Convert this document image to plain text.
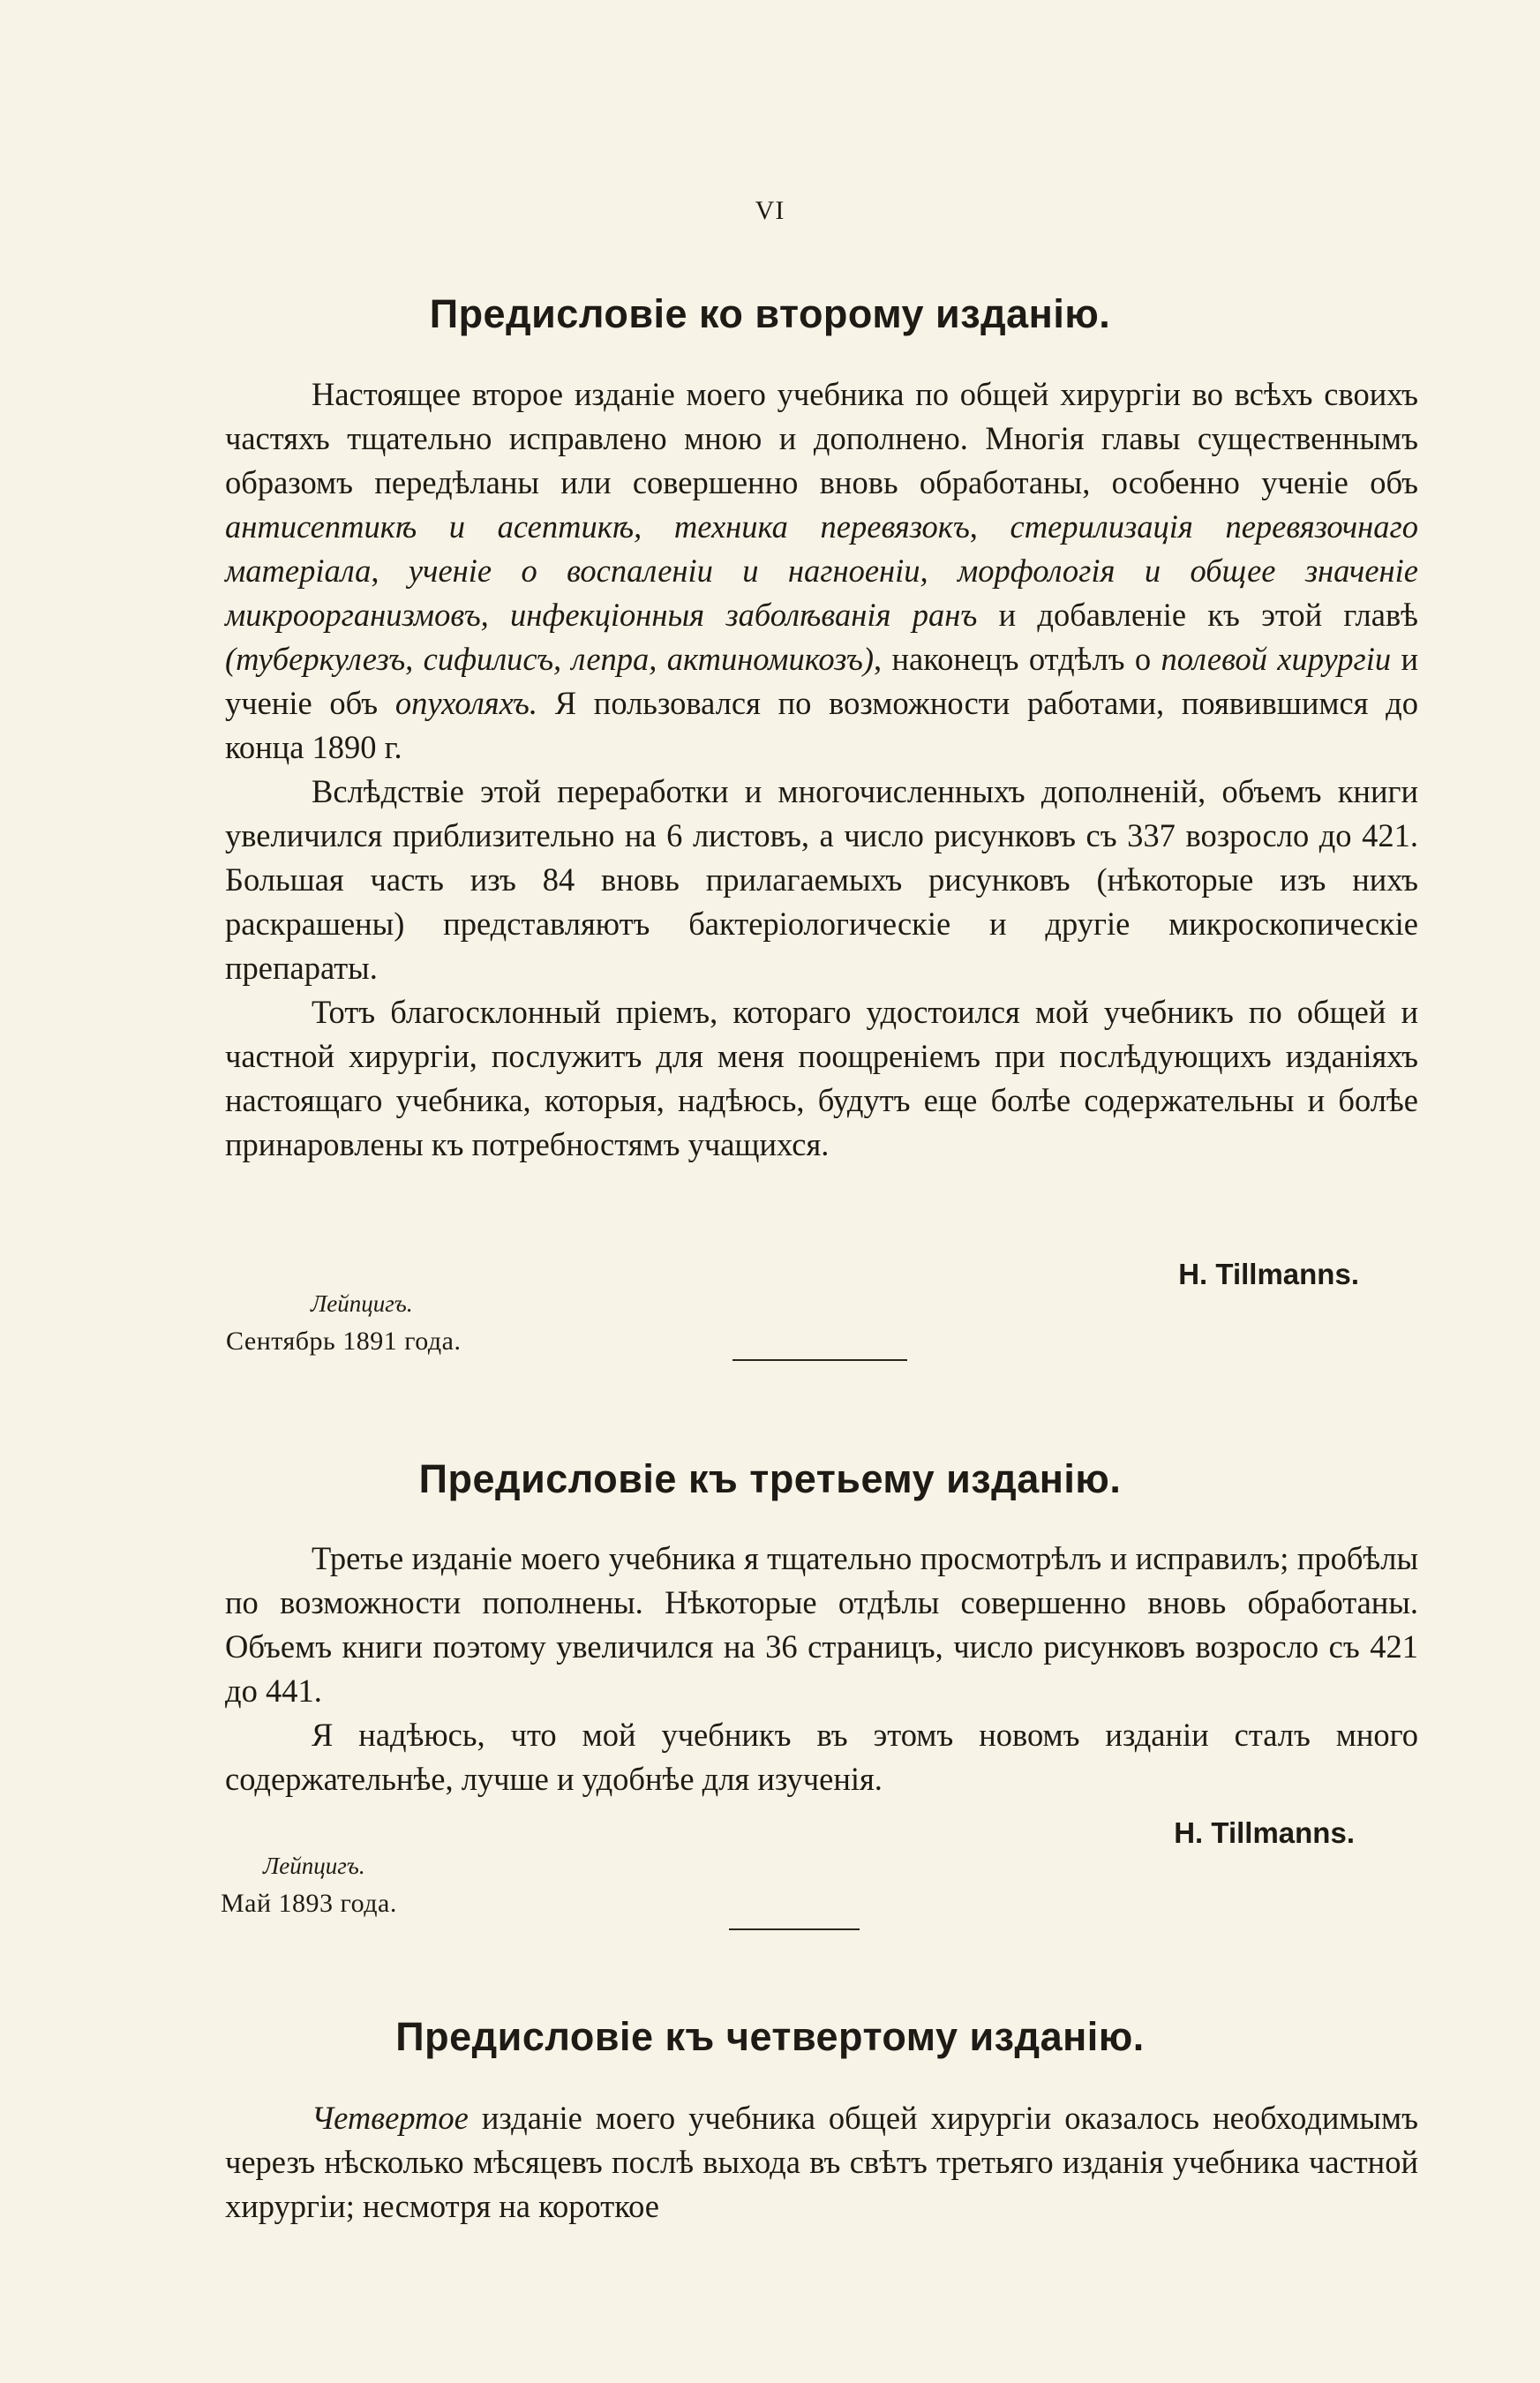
VI
Предисловіе ко второму изданію.

Настоящее второе изданіе моего учебника по общей хирургіи во всѣхъ своихъ частяхъ тщательно исправлено мною и дополнено. Многія главы существеннымъ образомъ передѣланы или совершенно вновь обработаны, особенно ученіе объ антисептикѣ и асептикѣ, техника перевязокъ, стерилизація перевязочнаго матеріала, ученіе о воспаленіи и нагноеніи, морфологія и общее значеніе микроорганизмовъ, инфекціонныя заболѣванія ранъ и добавленіе къ этой главѣ (туберкулезъ, сифилисъ, лепра, актиномикозъ), наконецъ отдѣлъ о полевой хирургіи и ученіе объ опухоляхъ. Я пользовался по возможности работами, появившимся до конца 1890 г.

Вслѣдствіе этой переработки и многочисленныхъ дополненій, объемъ книги увеличился приблизительно на 6 листовъ, а число рисунковъ съ 337 возросло до 421. Большая часть изъ 84 вновь прилагаемыхъ рисунковъ (нѣкоторые изъ нихъ раскрашены) представляютъ бактеріологическіе и другіе микроскопическіе препараты.

Тотъ благосклонный пріемъ, котораго удостоился мой учебникъ по общей и частной хирургіи, послужитъ для меня поощреніемъ при послѣдующихъ изданіяхъ настоящаго учебника, которыя, надѣюсь, будутъ еще болѣе содержательны и болѣе принаровлены къ потребностямъ учащихся.

H. Tillmanns.
Лейпцигъ.
Сентябрь 1891 года.
Предисловіе къ третьему изданію.

Третье изданіе моего учебника я тщательно просмотрѣлъ и исправилъ; пробѣлы по возможности пополнены. Нѣкоторые отдѣлы совершенно вновь обработаны. Объемъ книги поэтому увеличился на 36 страницъ, число рисунковъ возросло съ 421 до 441.

Я надѣюсь, что мой учебникъ въ этомъ новомъ изданіи сталъ много содержательнѣе, лучше и удобнѣе для изученія.

H. Tillmanns.
Лейпцигъ.
Май 1893 года.
Предисловіе къ четвертому изданію.

Четвертое изданіе моего учебника общей хирургіи оказалось необходимымъ черезъ нѣсколько мѣсяцевъ послѣ выхода въ свѣтъ третьяго изданія учебника частной хирургіи; несмотря на короткое
